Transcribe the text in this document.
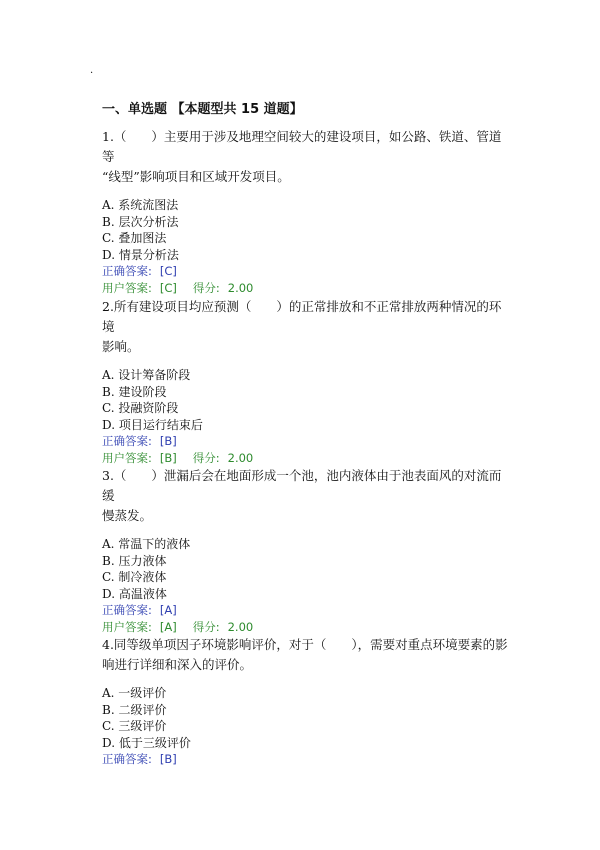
.
一、单选题 【本题型共 15 道题】
1.（　　）主要用于涉及地理空间较大的建设项目，如公路、铁道、管道等
“线型”影响项目和区域开发项目。
A. 系统流图法
B. 层次分析法
C. 叠加图法
D. 情景分析法
正确答案: [C]
用户答案: [C] 得分: 2.00
2.所有建设项目均应预测（　　）的正常排放和不正常排放两种情况的环境
影响。
A. 设计筹备阶段
B. 建设阶段
C. 投融资阶段
D. 项目运行结束后
正确答案: [B]
用户答案: [B] 得分: 2.00
3.（　　）泄漏后会在地面形成一个池，池内液体由于池表面风的对流而缓
慢蒸发。
A. 常温下的液体
B. 压力液体
C. 制冷液体
D. 高温液体
正确答案: [A]
用户答案: [A] 得分: 2.00
4.同等级单项因子环境影响评价，对于（　　），需要对重点环境要素的影
响进行详细和深入的评价。
A. 一级评价
B. 二级评价
C. 三级评价
D. 低于三级评价
正确答案: [B]
